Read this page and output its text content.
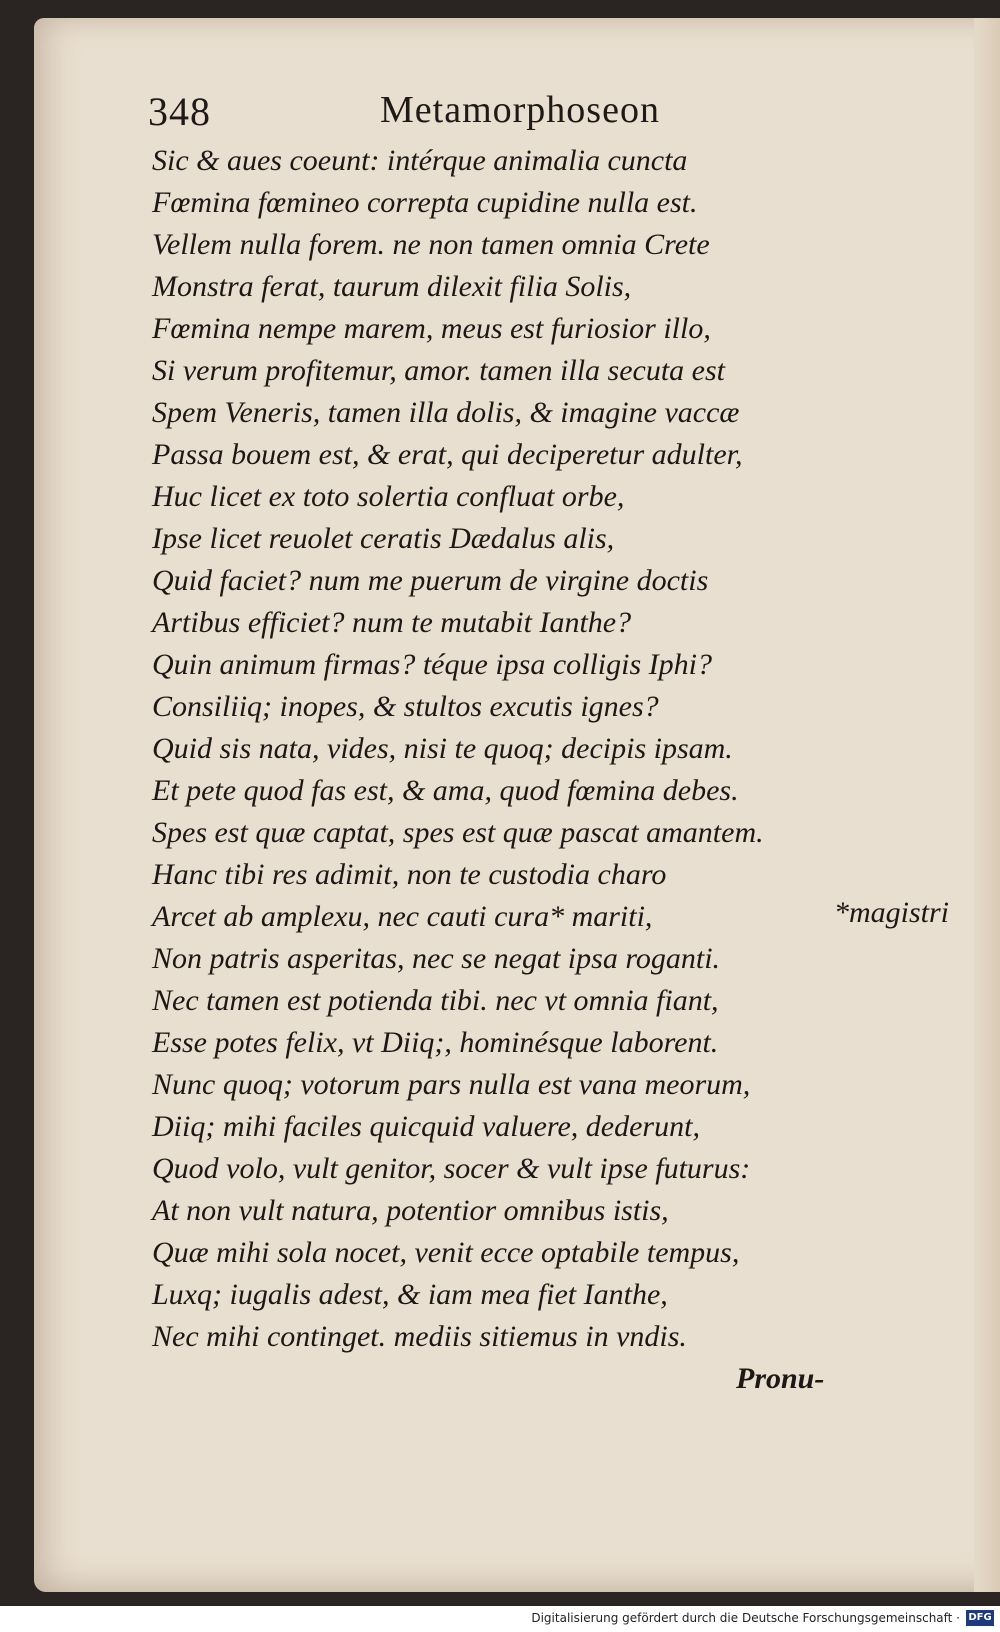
348	Metamorphoseon
Sic & aues coeunt: intérque animalia cuncta
Fœmina fœmineo correpta cupidine nulla est.
Vellem nulla forem. ne non tamen omnia Crete
Monstra ferat, taurum dilexit filia Solis,
Fœmina nempe marem, meus est furiosior illo,
Si verum profitemur, amor. tamen illa secuta est
Spem Veneris, tamen illa dolis, & imagine vaccæ
Passa bouem est, & erat, qui deciperetur adulter,
Huc licet ex toto solertia confluat orbe,
Ipse licet reuolet ceratis Dædalus alis,
Quid faciet? num me puerum de virgine doctis
Artibus efficiet? num te mutabit Ianthe?
Quin animum firmas? téque ipsa colligis Iphi?
Consiliiq; inopes, & stultos excutis ignes?
Quid sis nata, vides, nisi te quoq; decipis ipsam.
Et pete quod fas est, & ama, quod fœmina debes.
Spes est quæ captat, spes est quæ pascat amantem.
Hanc tibi res adimit, non te custodia charo
Arcet ab amplexu, nec cauti cura* mariti,
Non patris asperitas, nec se negat ipsa roganti.
Nec tamen est potienda tibi. nec vt omnia fiant,
Esse potes felix, vt Diiq;, hominésque laborent.
Nunc quoq; votorum pars nulla est vana meorum,
Diiq; mihi faciles quicquid valuere, dederunt,
Quod volo, vult genitor, socer & vult ipse futurus:
At non vult natura, potentior omnibus istis,
Quæ mihi sola nocet, venit ecce optabile tempus,
Luxq; iugalis adest, & iam mea fiet Ianthe,
Nec mihi continget. mediis sitiemus in vndis.
*magistri
Pronu-
Digitalisierung gefördert durch die Deutsche Forschungsgemeinschaft · DFG
